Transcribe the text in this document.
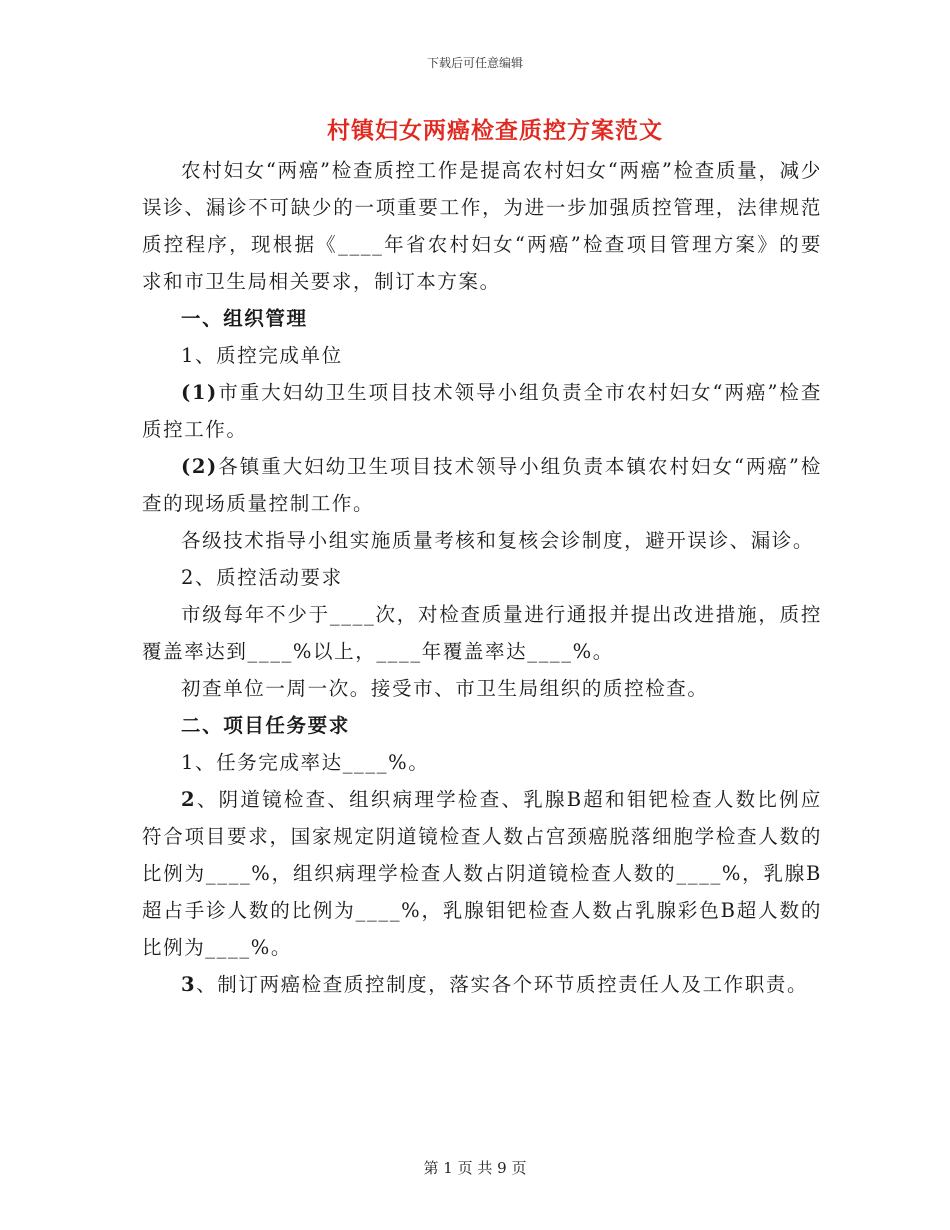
下载后可任意编辑
村镇妇女两癌检查质控方案范文

农村妇女“两癌”检查质控工作是提高农村妇女“两癌”检查质量，减少误诊、漏诊不可缺少的一项重要工作，为进一步加强质控管理，法律规范质控程序，现根据《____年省农村妇女“两癌”检查项目管理方案》的要求和市卫生局相关要求，制订本方案。

一、组织管理

1、质控完成单位

(1)市重大妇幼卫生项目技术领导小组负责全市农村妇女“两癌”检查质控工作。

(2)各镇重大妇幼卫生项目技术领导小组负责本镇农村妇女“两癌”检查的现场质量控制工作。

各级技术指导小组实施质量考核和复核会诊制度，避开误诊、漏诊。

2、质控活动要求

市级每年不少于____次，对检查质量进行通报并提出改进措施，质控覆盖率达到____%以上，____年覆盖率达____%。

初查单位一周一次。接受市、市卫生局组织的质控检查。

二、项目任务要求

1、任务完成率达____%。

2、阴道镜检查、组织病理学检查、乳腺B超和钼钯检查人数比例应符合项目要求，国家规定阴道镜检查人数占宫颈癌脱落细胞学检查人数的比例为____%，组织病理学检查人数占阴道镜检查人数的____%，乳腺B超占手诊人数的比例为____%，乳腺钼钯检查人数占乳腺彩色B超人数的比例为____%。

3、制订两癌检查质控制度，落实各个环节质控责任人及工作职责。

第 1 页 共 9 页
